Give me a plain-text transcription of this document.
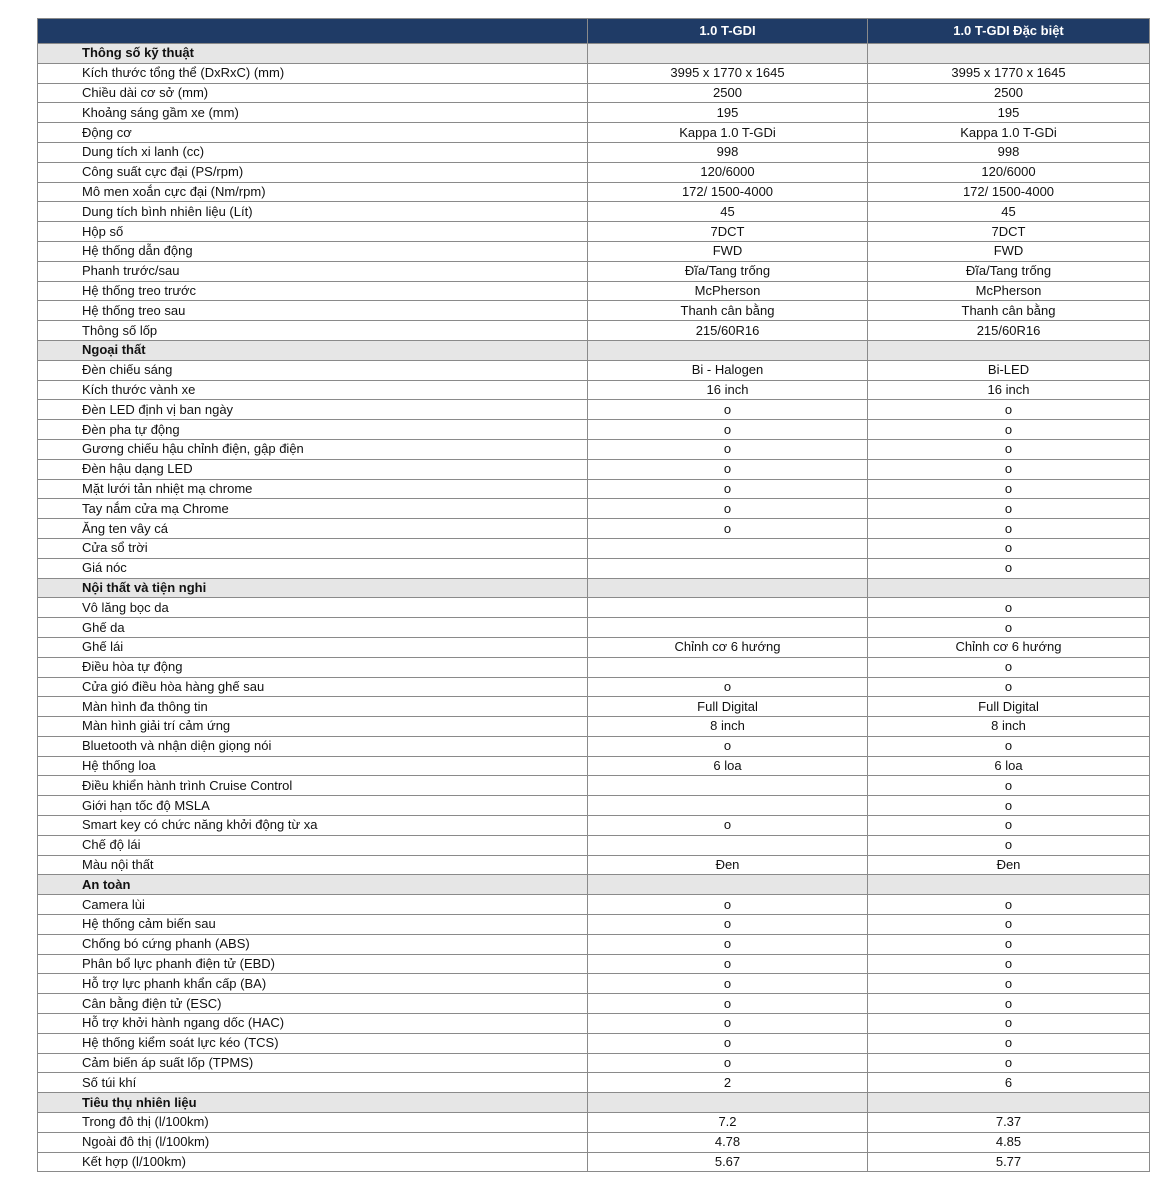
	1.0 T-GDI	1.0 T-GDI Đặc biệt
Thông số kỹ thuật		
Kích thước tổng thể (DxRxC) (mm)	3995 x 1770 x 1645	3995 x 1770 x 1645
Chiều dài cơ sở (mm)	2500	2500
Khoảng sáng gầm xe (mm)	195	195
Động cơ	Kappa 1.0 T-GDi	Kappa 1.0 T-GDi
Dung tích xi lanh (cc)	998	998
Công suất cực đại (PS/rpm)	120/6000	120/6000
Mô men xoắn cực đại (Nm/rpm)	172/ 1500-4000	172/ 1500-4000
Dung tích bình nhiên liệu (Lít)	45	45
Hộp số	7DCT	7DCT
Hệ thống dẫn động	FWD	FWD
Phanh trước/sau	Đĩa/Tang trống	Đĩa/Tang trống
Hệ thống treo trước	McPherson	McPherson
Hệ thống treo sau	Thanh cân bằng	Thanh cân bằng
Thông số lốp	215/60R16	215/60R16
Ngoại thất		
Đèn chiếu sáng	Bi - Halogen	Bi-LED
Kích thước vành xe	16 inch	16 inch
Đèn LED định vị ban ngày	o	o
Đèn pha tự động	o	o
Gương chiếu hậu chỉnh điện, gập điện	o	o
Đèn hậu dạng LED	o	o
Mặt lưới tản nhiệt mạ chrome	o	o
Tay nắm cửa mạ Chrome	o	o
Ăng ten vây cá	o	o
Cửa sổ trời		o
Giá nóc		o
Nội thất và tiện nghi		
Vô lăng bọc da		o
Ghế da		o
Ghế lái	Chỉnh cơ 6 hướng	Chỉnh cơ 6 hướng
Điều hòa tự động		o
Cửa gió điều hòa hàng ghế sau	o	o
Màn hình đa thông tin	Full Digital	Full Digital
Màn hình giải trí cảm ứng	8 inch	8 inch
Bluetooth và nhận diện giọng nói	o	o
Hệ thống loa	6 loa	6 loa
Điều khiển hành trình Cruise Control		o
Giới hạn tốc độ MSLA		o
Smart key có chức năng khởi động từ xa	o	o
Chế độ lái		o
Màu nội thất	Đen	Đen
An toàn		
Camera lùi	o	o
Hệ thống cảm biến sau	o	o
Chống bó cứng phanh (ABS)	o	o
Phân bổ lực phanh điện tử (EBD)	o	o
Hỗ trợ lực phanh khẩn cấp (BA)	o	o
Cân bằng điện tử (ESC)	o	o
Hỗ trợ khởi hành ngang dốc (HAC)	o	o
Hệ thống kiểm soát lực kéo (TCS)	o	o
Cảm biến áp suất lốp (TPMS)	o	o
Số túi khí	2	6
Tiêu thụ nhiên liệu		
Trong đô thị (l/100km)	7.2	7.37
Ngoài đô thị (l/100km)	4.78	4.85
Kết hợp (l/100km)	5.67	5.77
